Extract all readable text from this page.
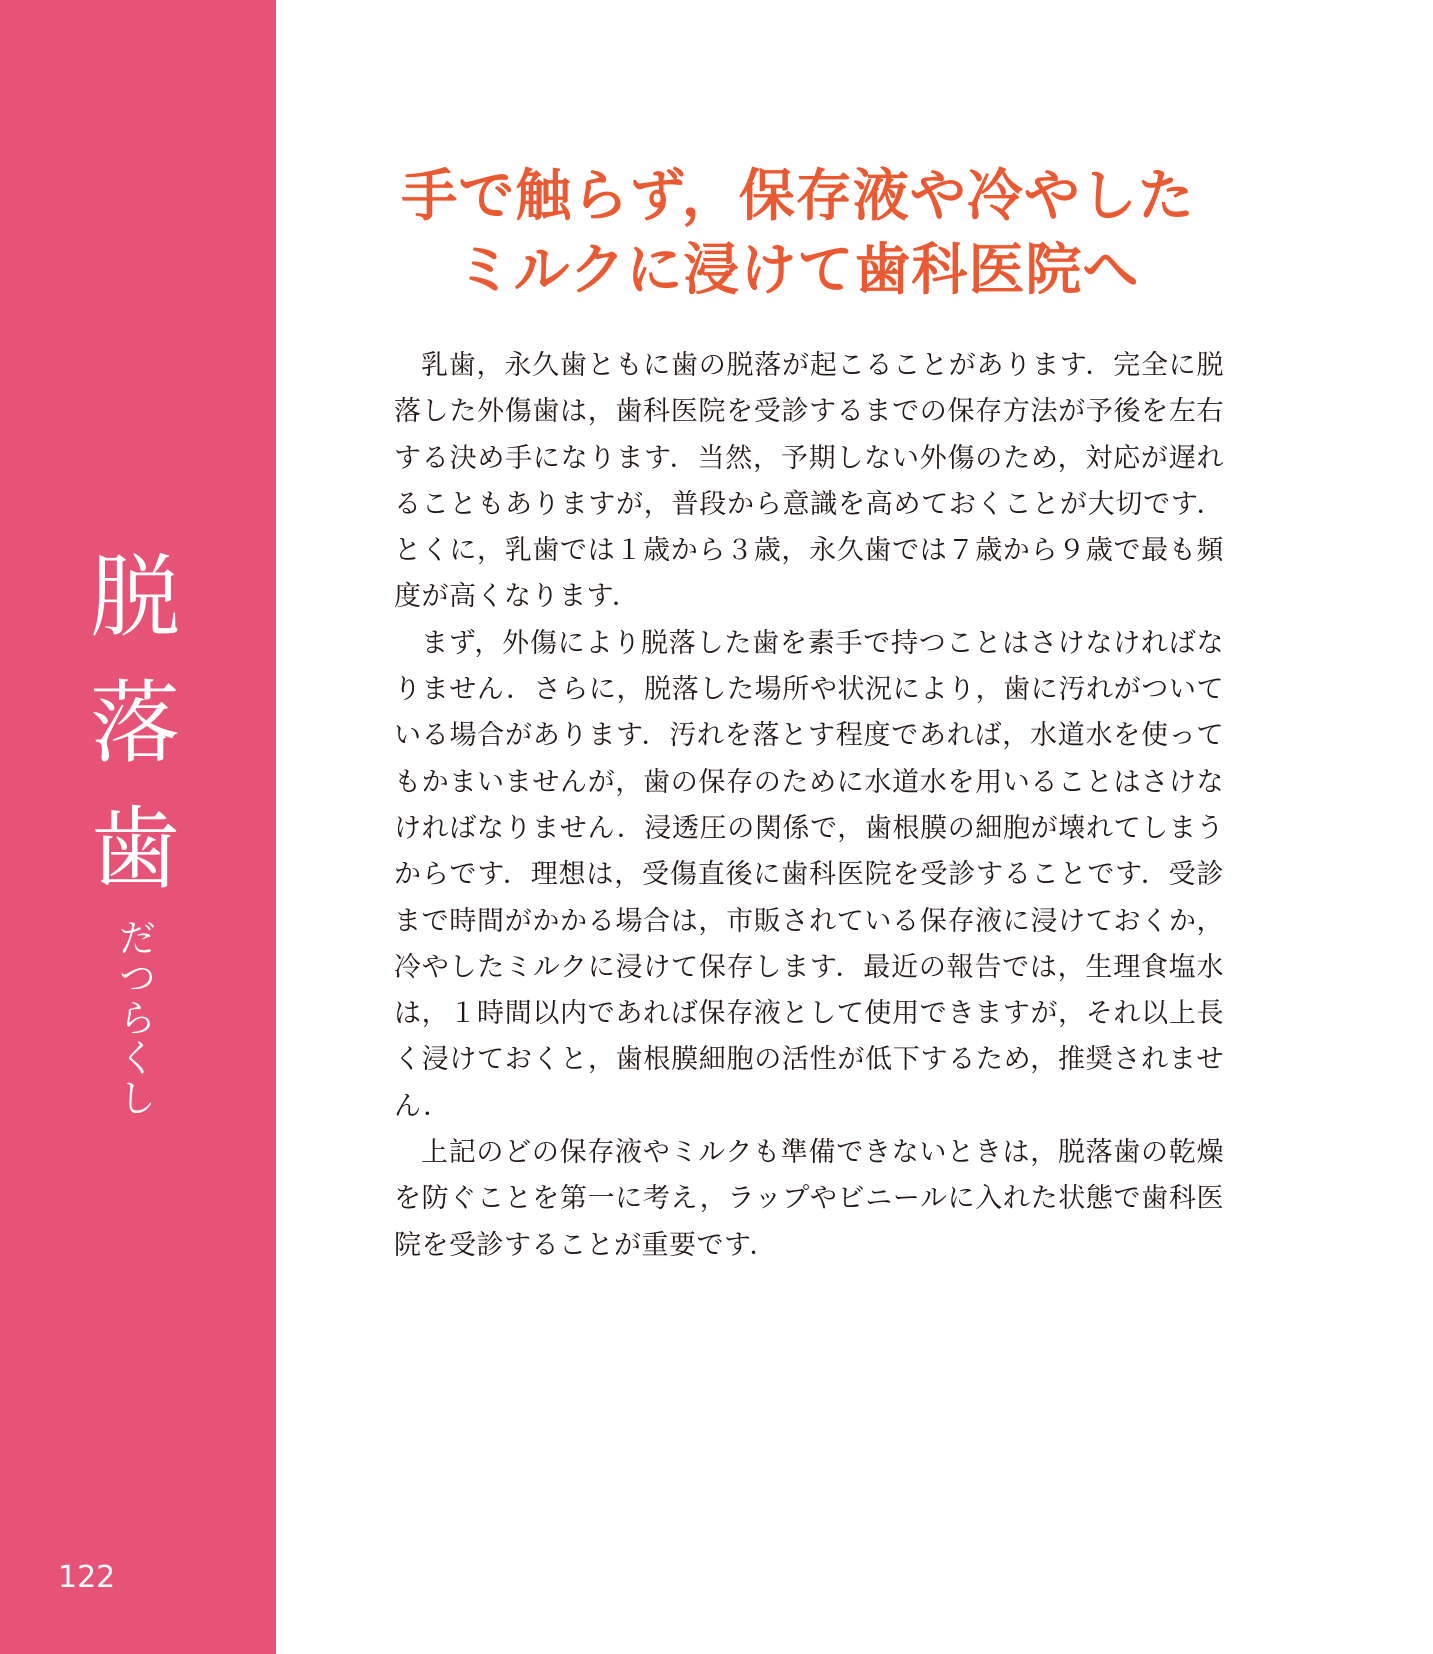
脱
落
歯
だつらくし
122
手で触らず，保存液や冷やした
ミルクに浸けて歯科医院へ

乳歯，永久歯ともに歯の脱落が起こることがあります．完全に脱落した外傷歯は，歯科医院を受診するまでの保存方法が予後を左右する決め手になります．当然，予期しない外傷のため，対応が遅れることもありますが，普段から意識を高めておくことが大切です．とくに，乳歯では１歳から３歳，永久歯では７歳から９歳で最も頻度が高くなります．

まず，外傷により脱落した歯を素手で持つことはさけなければなりません．さらに，脱落した場所や状況により，歯に汚れがついている場合があります．汚れを落とす程度であれば，水道水を使ってもかまいませんが，歯の保存のために水道水を用いることはさけなければなりません．浸透圧の関係で，歯根膜の細胞が壊れてしまうからです．理想は，受傷直後に歯科医院を受診することです．受診まで時間がかかる場合は，市販されている保存液に浸けておくか，冷やしたミルクに浸けて保存します．最近の報告では，生理食塩水は，１時間以内であれば保存液として使用できますが，それ以上長く浸けておくと，歯根膜細胞の活性が低下するため，推奨されません．

上記のどの保存液やミルクも準備できないときは，脱落歯の乾燥を防ぐことを第一に考え，ラップやビニールに入れた状態で歯科医院を受診することが重要です．
